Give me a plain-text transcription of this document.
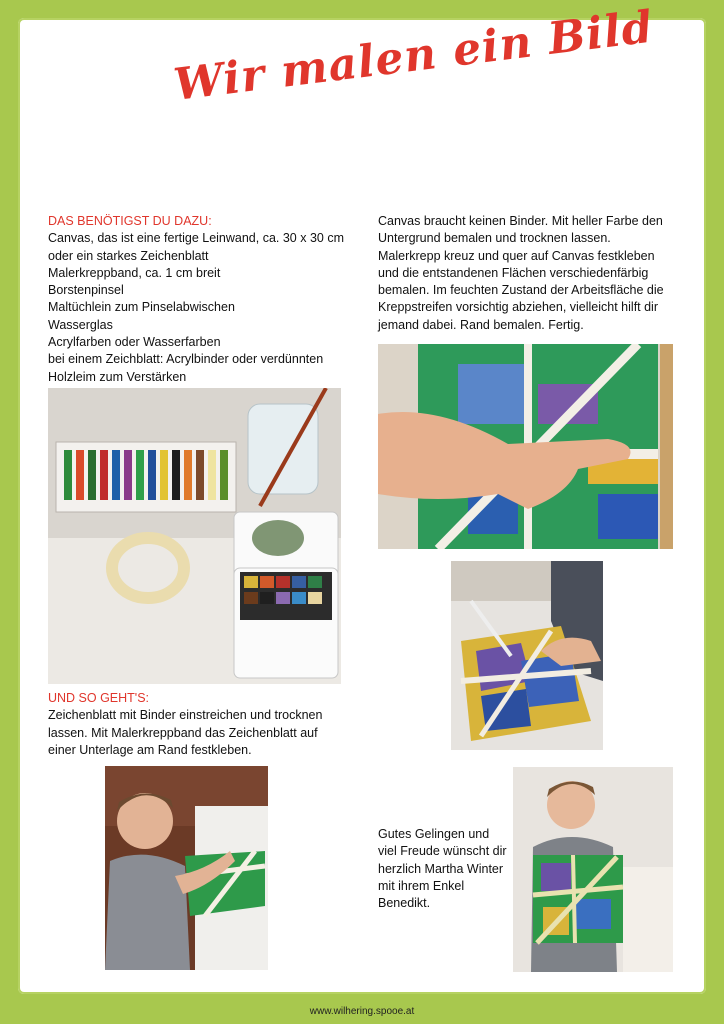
Wir malen ein Bild
DAS BENÖTIGST DU DAZU:
Canvas, das ist eine fertige Leinwand, ca. 30 x 30 cm
oder ein starkes Zeichenblatt
Malerkreppband, ca. 1 cm breit
Borstenpinsel
Maltüchlein zum Pinselabwischen
Wasserglas
Acrylfarben oder Wasserfarben
bei einem Zeichblatt: Acrylbinder oder verdünnten
Holzleim zum Verstärken
Canvas braucht keinen Binder. Mit heller Farbe den
Untergrund bemalen und trocknen lassen.
Malerkrepp kreuz und quer auf Canvas festkleben
und die entstandenen Flächen verschiedenfärbig
bemalen. Im feuchten Zustand der Arbeitsfläche die
Kreppstreifen vorsichtig abziehen, vielleicht hilft dir
jemand dabei. Rand bemalen. Fertig.
UND SO GEHT'S:
Zeichenblatt mit Binder einstreichen und trocknen
lassen. Mit Malerkreppband das Zeichenblatt auf
einer Unterlage am Rand festkleben.
Gutes Gelingen und
viel Freude wünscht dir
herzlich Martha Winter
mit ihrem Enkel
Benedikt.
www.wilhering.spooe.at
